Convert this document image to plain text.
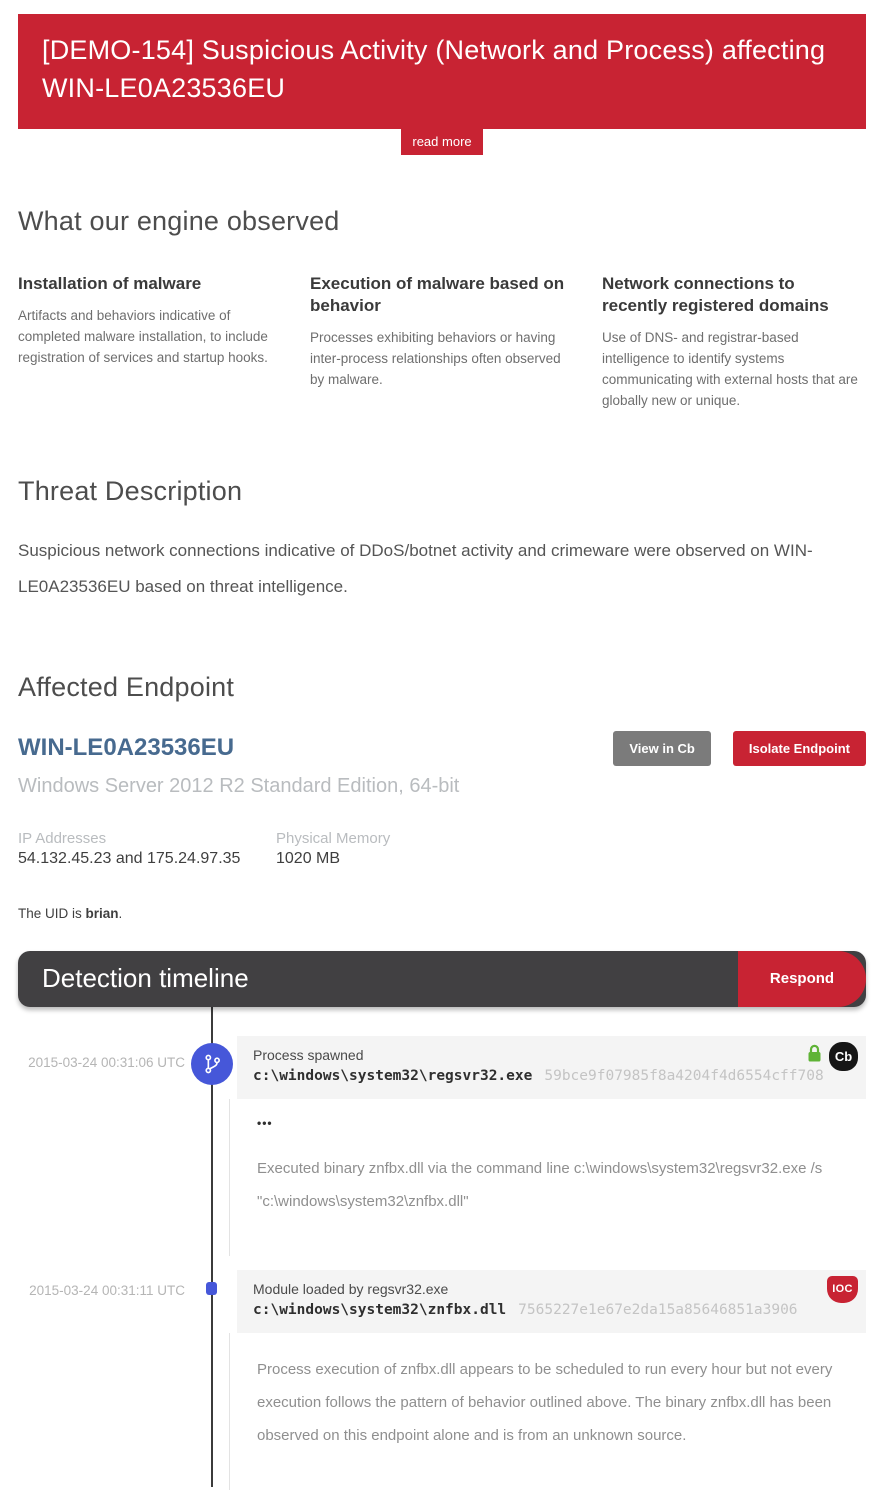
[DEMO-154] Suspicious Activity (Network and Process) affecting WIN-LE0A23536EU
read more
What our engine observed
Installation of malware
Artifacts and behaviors indicative of completed malware installation, to include registration of services and startup hooks.
Execution of malware based on behavior
Processes exhibiting behaviors or having inter-process relationships often observed by malware.
Network connections to recently registered domains
Use of DNS- and registrar-based intelligence to identify systems communicating with external hosts that are globally new or unique.
Threat Description

Suspicious network connections indicative of DDoS/botnet activity and crimeware were observed on WIN-LE0A23536EU based on threat intelligence.

Affected Endpoint
WIN-LE0A23536EU	View in Cb	Isolate Endpoint
Windows Server 2012 R2 Standard Edition, 64-bit
IP Addresses
54.132.45.23 and 175.24.97.35
Physical Memory
1020 MB

The UID is brian.

Detection timeline	Respond
2015-03-24 00:31:06 UTC	Process spawned
c:\windows\system32\regsvr32.exe 59bce9f07985f8a4204f4d6554cff708
Cb
•••
Executed binary znfbx.dll via the command line c:\windows\system32\regsvr32.exe /s "c:\windows\system32\znfbx.dll"
2015-03-24 00:31:11 UTC	Module loaded by regsvr32.exe
c:\windows\system32\znfbx.dll 7565227e1e67e2da15a85646851a3906
IOC
Process execution of znfbx.dll appears to be scheduled to run every hour but not every execution follows the pattern of behavior outlined above. The binary znfbx.dll has been observed on this endpoint alone and is from an unknown source.
